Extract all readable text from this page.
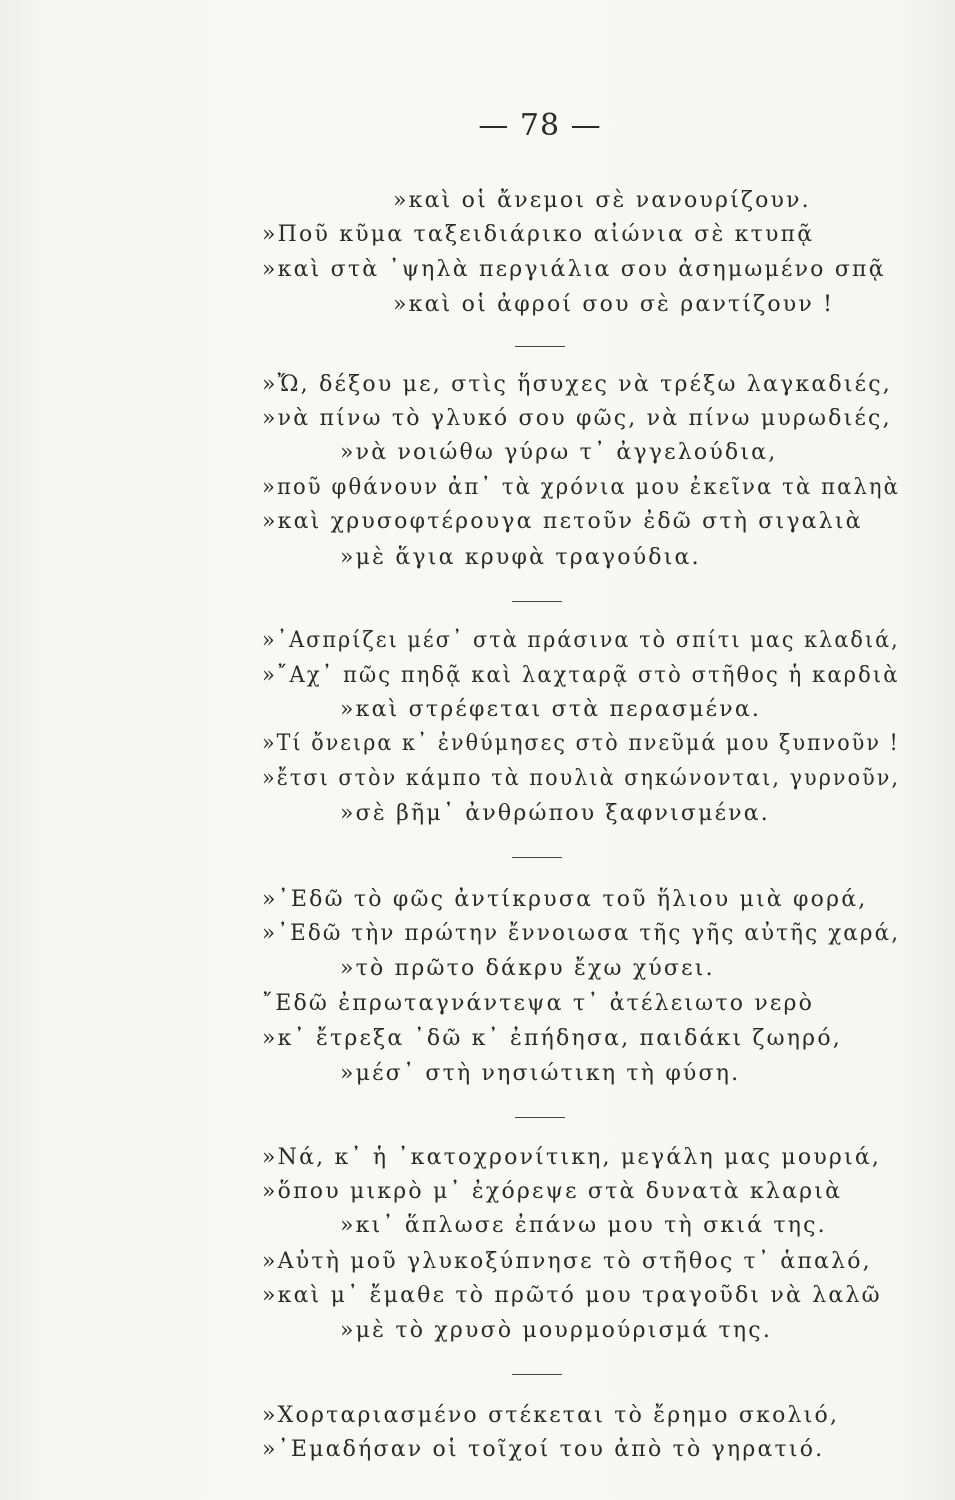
— 78 —
»καὶ οἱ ἄνεμοι σὲ νανουρίζουν.
»Ποῦ κῦμα ταξειδιάρικο αἰώνια σὲ κτυπᾷ
»καὶ στὰ ᾽ψηλὰ περγιάλια σου ἀσημωμένο σπᾷ
»καὶ οἱ ἀφροί σου σὲ ραντίζουν !
»Ὤ, δέξου με, στὶς ἥσυχες νὰ τρέξω λαγκαδιές,
»νὰ πίνω τὸ γλυκό σου φῶς, νὰ πίνω μυρωδιές,
»νὰ νοιώθω γύρω τ᾽ ἀγγελούδια,
»ποῦ φθάνουν ἀπ᾽ τὰ χρόνια μου ἐκεῖνα τὰ παληὰ
»καὶ χρυσοφτέρουγα πετοῦν ἐδῶ στὴ σιγαλιὰ
»μὲ ἅγια κρυφὰ τραγούδια.
»᾽Ασπρίζει μέσ᾽ στὰ πράσινα τὸ σπίτι μας κλαδιά,
»῎Αχ᾽ πῶς πηδᾷ καὶ λαχταρᾷ στὸ στῆθος ἡ καρδιὰ
»καὶ στρέφεται στὰ περασμένα.
»Τί ὄνειρα κ᾽ ἐνθύμησες στὸ πνεῦμά μου ξυπνοῦν !
»ἔτσι στὸν κάμπο τὰ πουλιὰ σηκώνονται, γυρνοῦν,
»σὲ βῆμ᾽ ἀνθρώπου ξαφνισμένα.
»᾽Εδῶ τὸ φῶς ἀντίκρυσα τοῦ ἥλιου μιὰ φορά,
»᾽Εδῶ τὴν πρώτην ἔννοιωσα τῆς γῆς αὐτῆς χαρά,
»τὸ πρῶτο δάκρυ ἔχω χύσει.
῎Εδῶ ἐπρωταγνάντεψα τ᾽ ἀτέλειωτο νερὸ
»κ᾽ ἔτρεξα ᾽δῶ κ᾽ ἐπήδησα, παιδάκι ζωηρό,
»μέσ᾽ στὴ νησιώτικη τὴ φύση.
»Νά, κ᾽ ἡ ᾽κατοχρονίτικη, μεγάλη μας μουριά,
»ὅπου μικρὸ μ᾽ ἐχόρεψε στὰ δυνατὰ κλαριὰ
»κι᾽ ἅπλωσε ἐπάνω μου τὴ σκιά της.
»Αὐτὴ μοῦ γλυκοξύπνησε τὸ στῆθος τ᾽ ἁπαλό,
»καὶ μ᾽ ἔμαθε τὸ πρῶτό μου τραγοῦδι νὰ λαλῶ
»μὲ τὸ χρυσὸ μουρμούρισμά της.
»Χορταριασμένο στέκεται τὸ ἔρημο σκολιό,
»᾽Εμαδήσαν οἱ τοῖχοί του ἀπὸ τὸ γηρατιό.
